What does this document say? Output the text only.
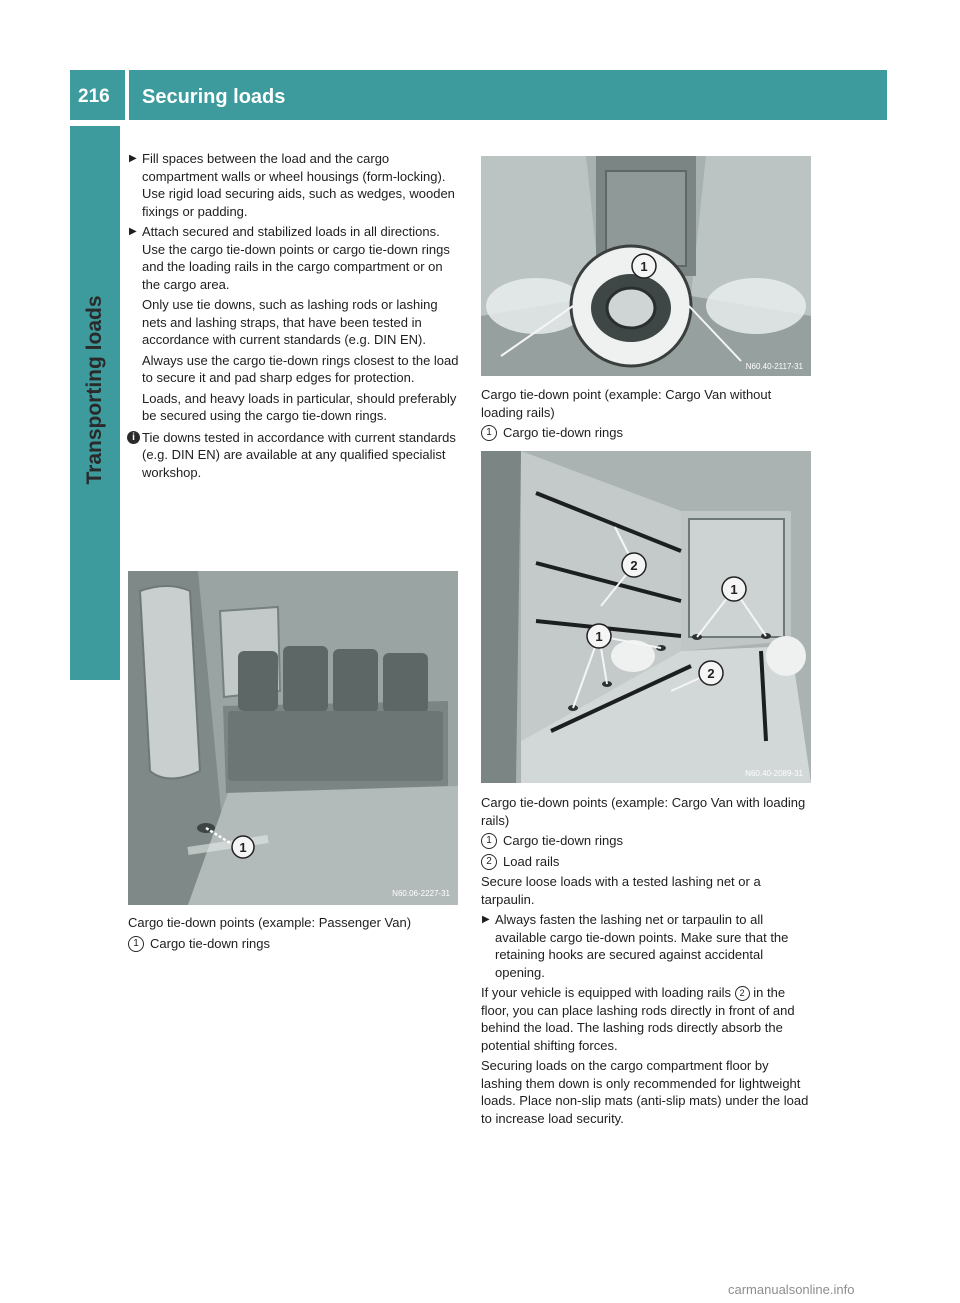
216 Securing loads
Transporting loads
▶ Fill spaces between the load and the cargo compartment walls or wheel housings (form-locking). Use rigid load securing aids, such as wedges, wooden fixings or padding.
▶ Attach secured and stabilized loads in all directions. Use the cargo tie-down points or cargo tie-down rings and the loading rails in the cargo compartment or on the cargo area.

Only use tie downs, such as lashing rods or lashing nets and lashing straps, that have been tested in accordance with current standards (e.g. DIN EN).

Always use the cargo tie-down rings closest to the load to secure it and pad sharp edges for protection.

Loads, and heavy loads in particular, should preferably be secured using the cargo tie-down rings.

i Tie downs tested in accordance with current standards (e.g. DIN EN) are available at any qualified specialist workshop.
1
N60.06-2227-31

Cargo tie-down points (example: Passenger Van)

1 Cargo tie-down rings
1
N60.40-2117-31

Cargo tie-down point (example: Cargo Van without loading rails)

1 Cargo tie-down rings
1
1
2
2
N60.40-2089-31

Cargo tie-down points (example: Cargo Van with loading rails)

1 Cargo tie-down rings
2 Load rails

Secure loose loads with a tested lashing net or a tarpaulin.

▶ Always fasten the lashing net or tarpaulin to all available cargo tie-down points. Make sure that the retaining hooks are secured against accidental opening.

If your vehicle is equipped with loading rails 2 in the floor, you can place lashing rods directly in front of and behind the load. The lashing rods directly absorb the potential shifting forces.

Securing loads on the cargo compartment floor by lashing them down is only recommended for lightweight loads. Place non-slip mats (anti-slip mats) under the load to increase load security.

carmanualsonline.info
